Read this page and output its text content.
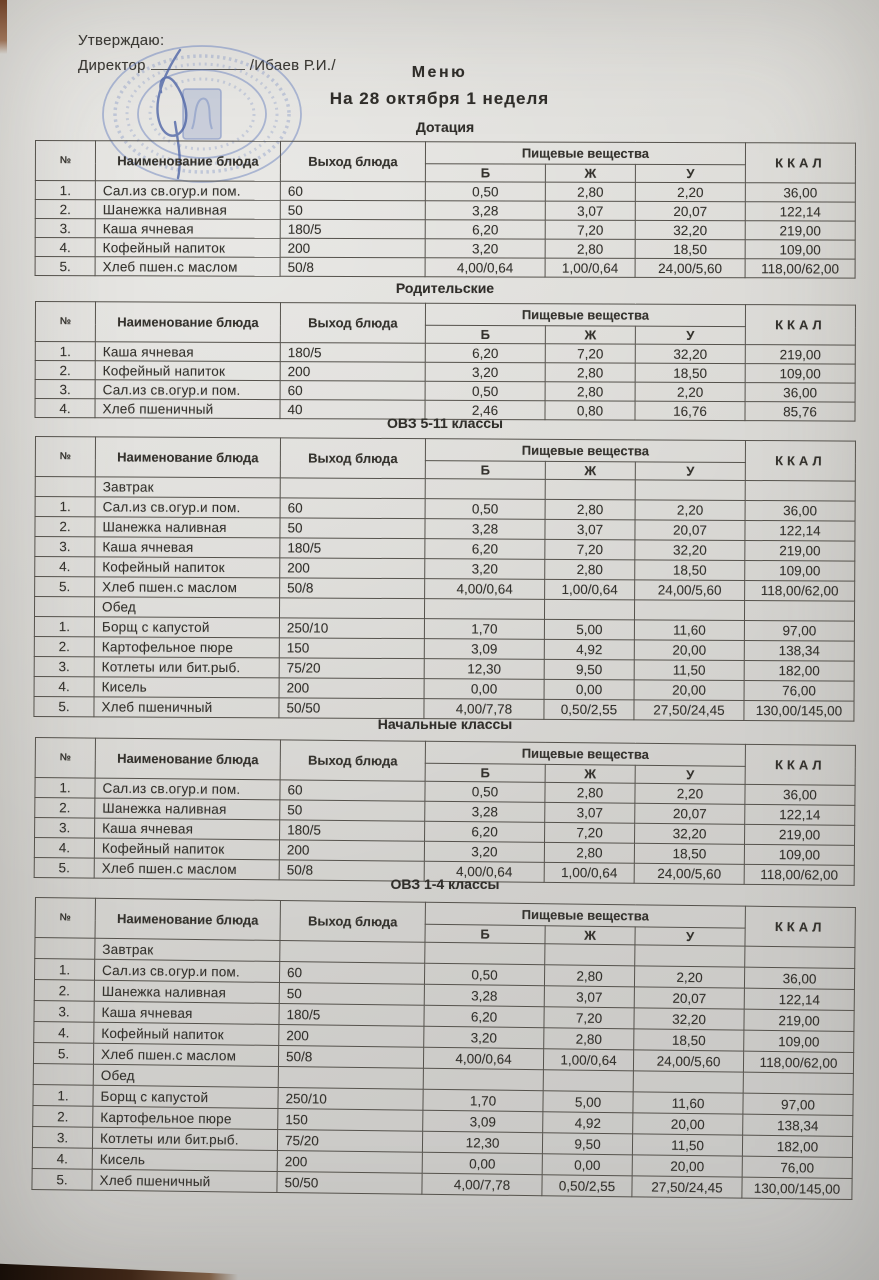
Утверждаю:
Директор	/Ибаев Р.И./	Меню
На 28 октября 1 неделя
Дотация
№	Наименование блюда	Выход блюда	Пищевые вещества			ККАЛ
			Б	Ж	У	
1.	Сал.из св.огур.и пом.	60	0,50	2,80	2,20	36,00
2.	Шанежка наливная	50	3,28	3,07	20,07	122,14
3.	Каша ячневая	180/5	6,20	7,20	32,20	219,00
4.	Кофейный напиток	200	3,20	2,80	18,50	109,00
5.	Хлеб пшен.с маслом	50/8	4,00/0,64	1,00/0,64	24,00/5,60	118,00/62,00
Родительские
№	Наименование блюда	Выход блюда	Пищевые вещества			ККАЛ
			Б	Ж	У	
1.	Каша ячневая	180/5	6,20	7,20	32,20	219,00
2.	Кофейный напиток	200	3,20	2,80	18,50	109,00
3.	Сал.из св.огур.и пом.	60	0,50	2,80	2,20	36,00
4.	Хлеб пшеничный	40	2,46	0,80	16,76	85,76
ОВЗ 5-11 классы
№	Наименование блюда	Выход блюда	Пищевые вещества			ККАЛ
			Б	Ж	У	
	Завтрак					
1.	Сал.из св.огур.и пом.	60	0,50	2,80	2,20	36,00
2.	Шанежка наливная	50	3,28	3,07	20,07	122,14
3.	Каша ячневая	180/5	6,20	7,20	32,20	219,00
4.	Кофейный напиток	200	3,20	2,80	18,50	109,00
5.	Хлеб пшен.с маслом	50/8	4,00/0,64	1,00/0,64	24,00/5,60	118,00/62,00
	Обед					
1.	Борщ с капустой	250/10	1,70	5,00	11,60	97,00
2.	Картофельное пюре	150	3,09	4,92	20,00	138,34
3.	Котлеты или бит.рыб.	75/20	12,30	9,50	11,50	182,00
4.	Кисель	200	0,00	0,00	20,00	76,00
5.	Хлеб пшеничный	50/50	4,00/7,78	0,50/2,55	27,50/24,45	130,00/145,00
Начальные классы
№	Наименование блюда	Выход блюда	Пищевые вещества			ККАЛ
			Б	Ж	У	
1.	Сал.из св.огур.и пом.	60	0,50	2,80	2,20	36,00
2.	Шанежка наливная	50	3,28	3,07	20,07	122,14
3.	Каша ячневая	180/5	6,20	7,20	32,20	219,00
4.	Кофейный напиток	200	3,20	2,80	18,50	109,00
5.	Хлеб пшен.с маслом	50/8	4,00/0,64	1,00/0,64	24,00/5,60	118,00/62,00
ОВЗ 1-4 классы
№	Наименование блюда	Выход блюда	Пищевые вещества			ККАЛ
			Б	Ж	У	
	Завтрак					
1.	Сал.из св.огур.и пом.	60	0,50	2,80	2,20	36,00
2.	Шанежка наливная	50	3,28	3,07	20,07	122,14
3.	Каша ячневая	180/5	6,20	7,20	32,20	219,00
4.	Кофейный напиток	200	3,20	2,80	18,50	109,00
5.	Хлеб пшен.с маслом	50/8	4,00/0,64	1,00/0,64	24,00/5,60	118,00/62,00
	Обед					
1.	Борщ с капустой	250/10	1,70	5,00	11,60	97,00
2.	Картофельное пюре	150	3,09	4,92	20,00	138,34
3.	Котлеты или бит.рыб.	75/20	12,30	9,50	11,50	182,00
4.	Кисель	200	0,00	0,00	20,00	76,00
5.	Хлеб пшеничный	50/50	4,00/7,78	0,50/2,55	27,50/24,45	130,00/145,00
